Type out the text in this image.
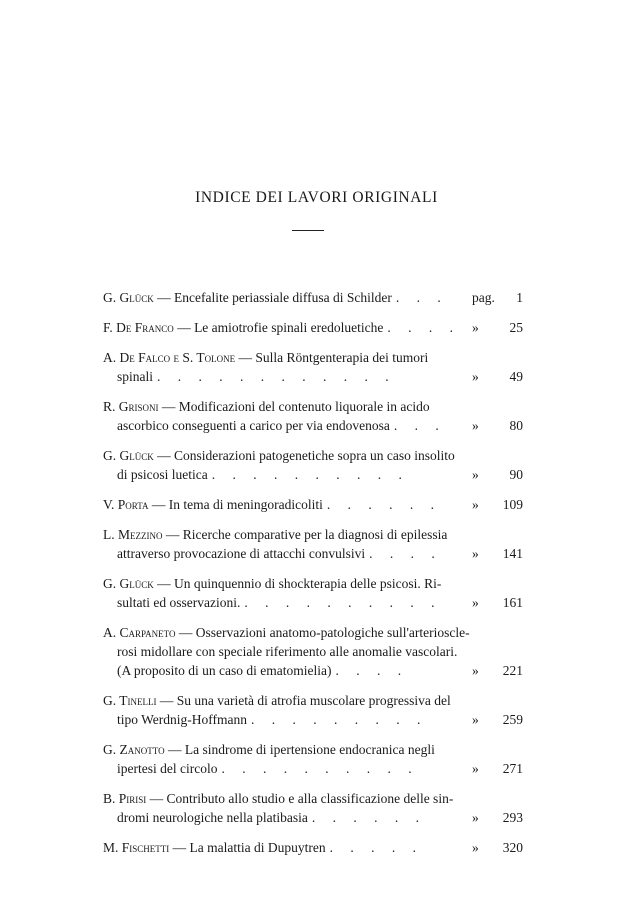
INDICE DEI LAVORI ORIGINALI
G. Glück — Encefalite periassiale diffusa di Schilder . . . pag. 1
F. De Franco — Le amiotrofie spinali eredoluetiche . . . . » 25
A. De Falco e S. Tolone — Sulla Röntgenterapia dei tumori
spinali . . . . . . . . . . . .	» 49
R. Grisoni — Modificazioni del contenuto liquorale in acido
ascorbico conseguenti a carico per via endovenosa . . . » 80
G. Glück — Considerazioni patogenetiche sopra un caso insolito
di psicosi luetica . . . . . . . . . .	» 90
V. Porta — In tema di meningoradicoliti . . . . . . » 109
L. Mezzino — Ricerche comparative per la diagnosi di epilessia
attraverso provocazione di attacchi convulsivi . . . . » 141
G. Glück — Un quinquennio di shockterapia delle psicosi. Ri-
sultati ed osservazioni. . . . . . . . . . . » 161
A. Carpaneto — Osservazioni anatomo-patologiche sull'arterioscle-
rosi midollare con speciale riferimento alle anomalie vascolari.
(A proposito di un caso di ematomielia) . . . .	» 221
G. Tinelli — Su una varietà di atrofia muscolare progressiva del
tipo Werdnig-Hoffmann . . . . . . . . .	» 259
G. Zanotto — La sindrome di ipertensione endocranica negli
ipertesi del circolo . . . . . . . . . .	» 271
B. Pirisi — Contributo allo studio e alla classificazione delle sin-
dromi neurologiche nella platibasia . . . . . .	» 293
M. Fischetti — La malattia di Dupuytren . . . . .	» 320
